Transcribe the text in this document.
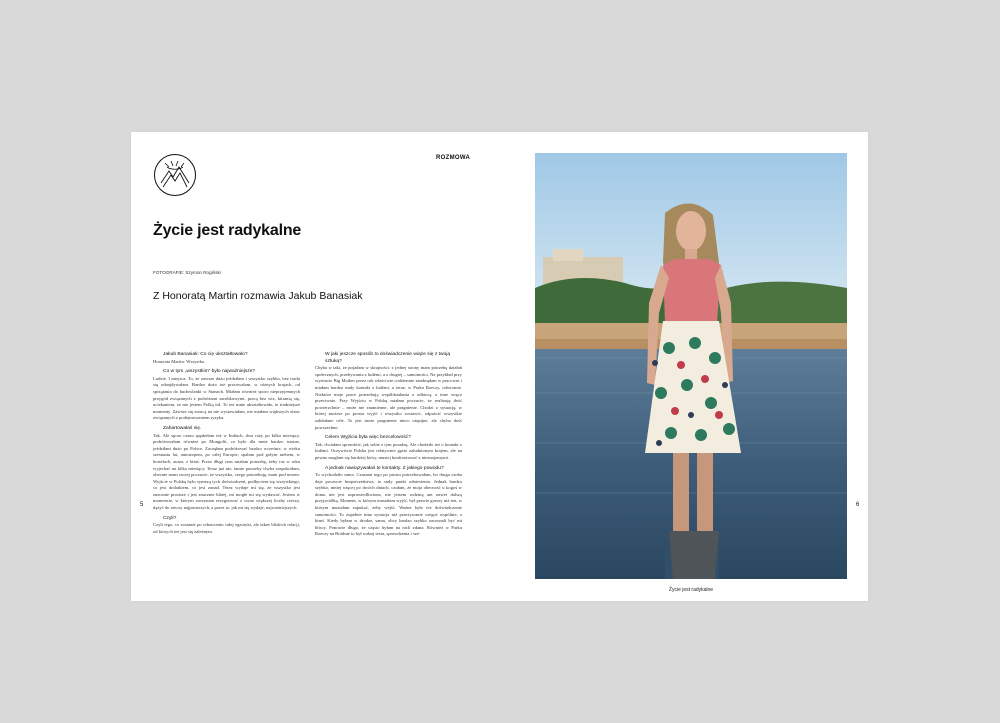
ROZMOWA
Życie jest radykalne
FOTOGRAFIE: Szymon Rogiński
Z Honoratą Martin rozmawia Jakub Banasiak
Jakub Banasiak: Co cię ukształtowało?

Honorata Martin: Wszystko.

Co w tym „wszystkim” było najważniejsze?

Ludzie. I miejsca. To, że zawsze dużo jeździłam i wszystko szybko, bez trudu się odnajdywałam. Bardzo dużo też pracowałam, w różnych krajach, od sprzątania do budowlanki w Stanach. Miałam również sporo nieprzyjemnych przygód związanych z podróżami zarobkowymi, pracą bez wiz, kitranią się, uciekaniem, że nie jestem Polką itd. To też mnie ukształtowało, te trudniejsze momenty. Zawsze się zrzucą na nie wystawiałam, nie miałam większych obaw związanych z podejmowaniem ryzyka.

Zahartowałaś się.

Tak. Ale sporo czasu spędziłam też w Indiach, dwa razy po kilka miesięcy, podróżowałam również po Mongolii, co było dla mnie bardzo istotne, jeździłam dużo po Polsce. Zaczęłam podróżować bardzo wcześnie, w wieku szesnastu lat, autostopem, po całej Europie, spałam pod gołym niebem, w hostelach, aurza, z kimś. Przez długi czas miałam potrzebę, żeby raz w roku wyjechać na kilka miesięcy. Teraz już nie, tamte potrzeby chyba zaspokoiłam, obecnie mam raczej poczucie, że wszystko, czego potrzebuję, mam pod nosem. Wyjście w Polskę było syntezą tych doświadczeń, podbyciem się wszystkiego, co jest dodatkiem, co jest zonad. Teraz wydaje mi się, że wszystko jest znacznie prostsze i jest znacznie bliżej, mi mogłe mi się wydawać. Jestem w momencie, w którym zaczynam rezygnować z coraz większej liczby rzeczy, dążyć do rzeczy najprostszych, a przez to, jak mi się wydaje, najważniejszych.

Czyli?

Czyli tego, co zostanie po odrzuceniu całej egzotyki, ale także bliskich relacji, od których też jest się zależnym.

W jaki jeszcze sposób to doświadczenie wiąże się z twoją sztuką?

Chyba w taki, że pojadam w skrajności: z jednej strony mam potrzebę działań społecznych, przebywania z ludźmi, a z drugiej – samotności. Na przykład przy wystawie Big Mother przez rok właściwie codziennie zamknęłam w pracowni i miałam bardzo mały kontakt z ludźmi, a teraz, w Parku Rzeczy, odwrotnie. Niektóre moje prace potrzebują współdziałania z odbiorą, a inne wręcz przeciwnie. Przy Wyjściu w Polskę miałam poczucie, że realizuję dość powierzchnie – może nie znamienne, ale pragnienie. Chodzi o sytuację, w której możesz po prostu wyjść i wszystko zostawić, odpuścić wszystkie zakładane cele. To jest może pragnienie nieco utopijne, ale chyba dość powszechne.

Celem Wyjścia była więc bezcelowość?

Tak, chciałam sprawdzić, jak sobie z tym poradzę. Ale chodziło też o kontakt z ludźmi. Oczywiście Polska jest relatywnie gęsto zaludnionym krajem, ale na pewno mogłam się bardziej który, musiej konfrontować z nieznajomymi.

A jednak nawiązywałaś te kontakty. Z jakiego powodu?

To wychodziło samo. Czasami tego po prostu potrzebowałam, bo druga osoba daje poczucie bezpieczeństwa, to stały punkt odniesienia. Jednak bardzo szybko, mniej więcej po dwóch dniach, czułam, że moja obecność u kogoś w domu nie jest usprawiedliwiona, nie jestem rodziną ani nawet dalszą przyjaciółką. Moment, w którym musiałam wyjść, był prawie gorszy niż ten, w którym musiałam zapukać, żeby wejść. Ważne było też doświadczenie samotności. To zupełnie inna sytuacja niż przeżywanie czegoś wspólnie, z kimś. Kiedy byłam w drodze, sama, obcy bardzo szybko zaczynali być mi bliscy. Ponowie długo, że często byłam na nich zdana. Również w Parku Rzeczy na Bródnie to był rodzaj testu, sprawdzenia i sze-

5	6
Życie jest radykalne
